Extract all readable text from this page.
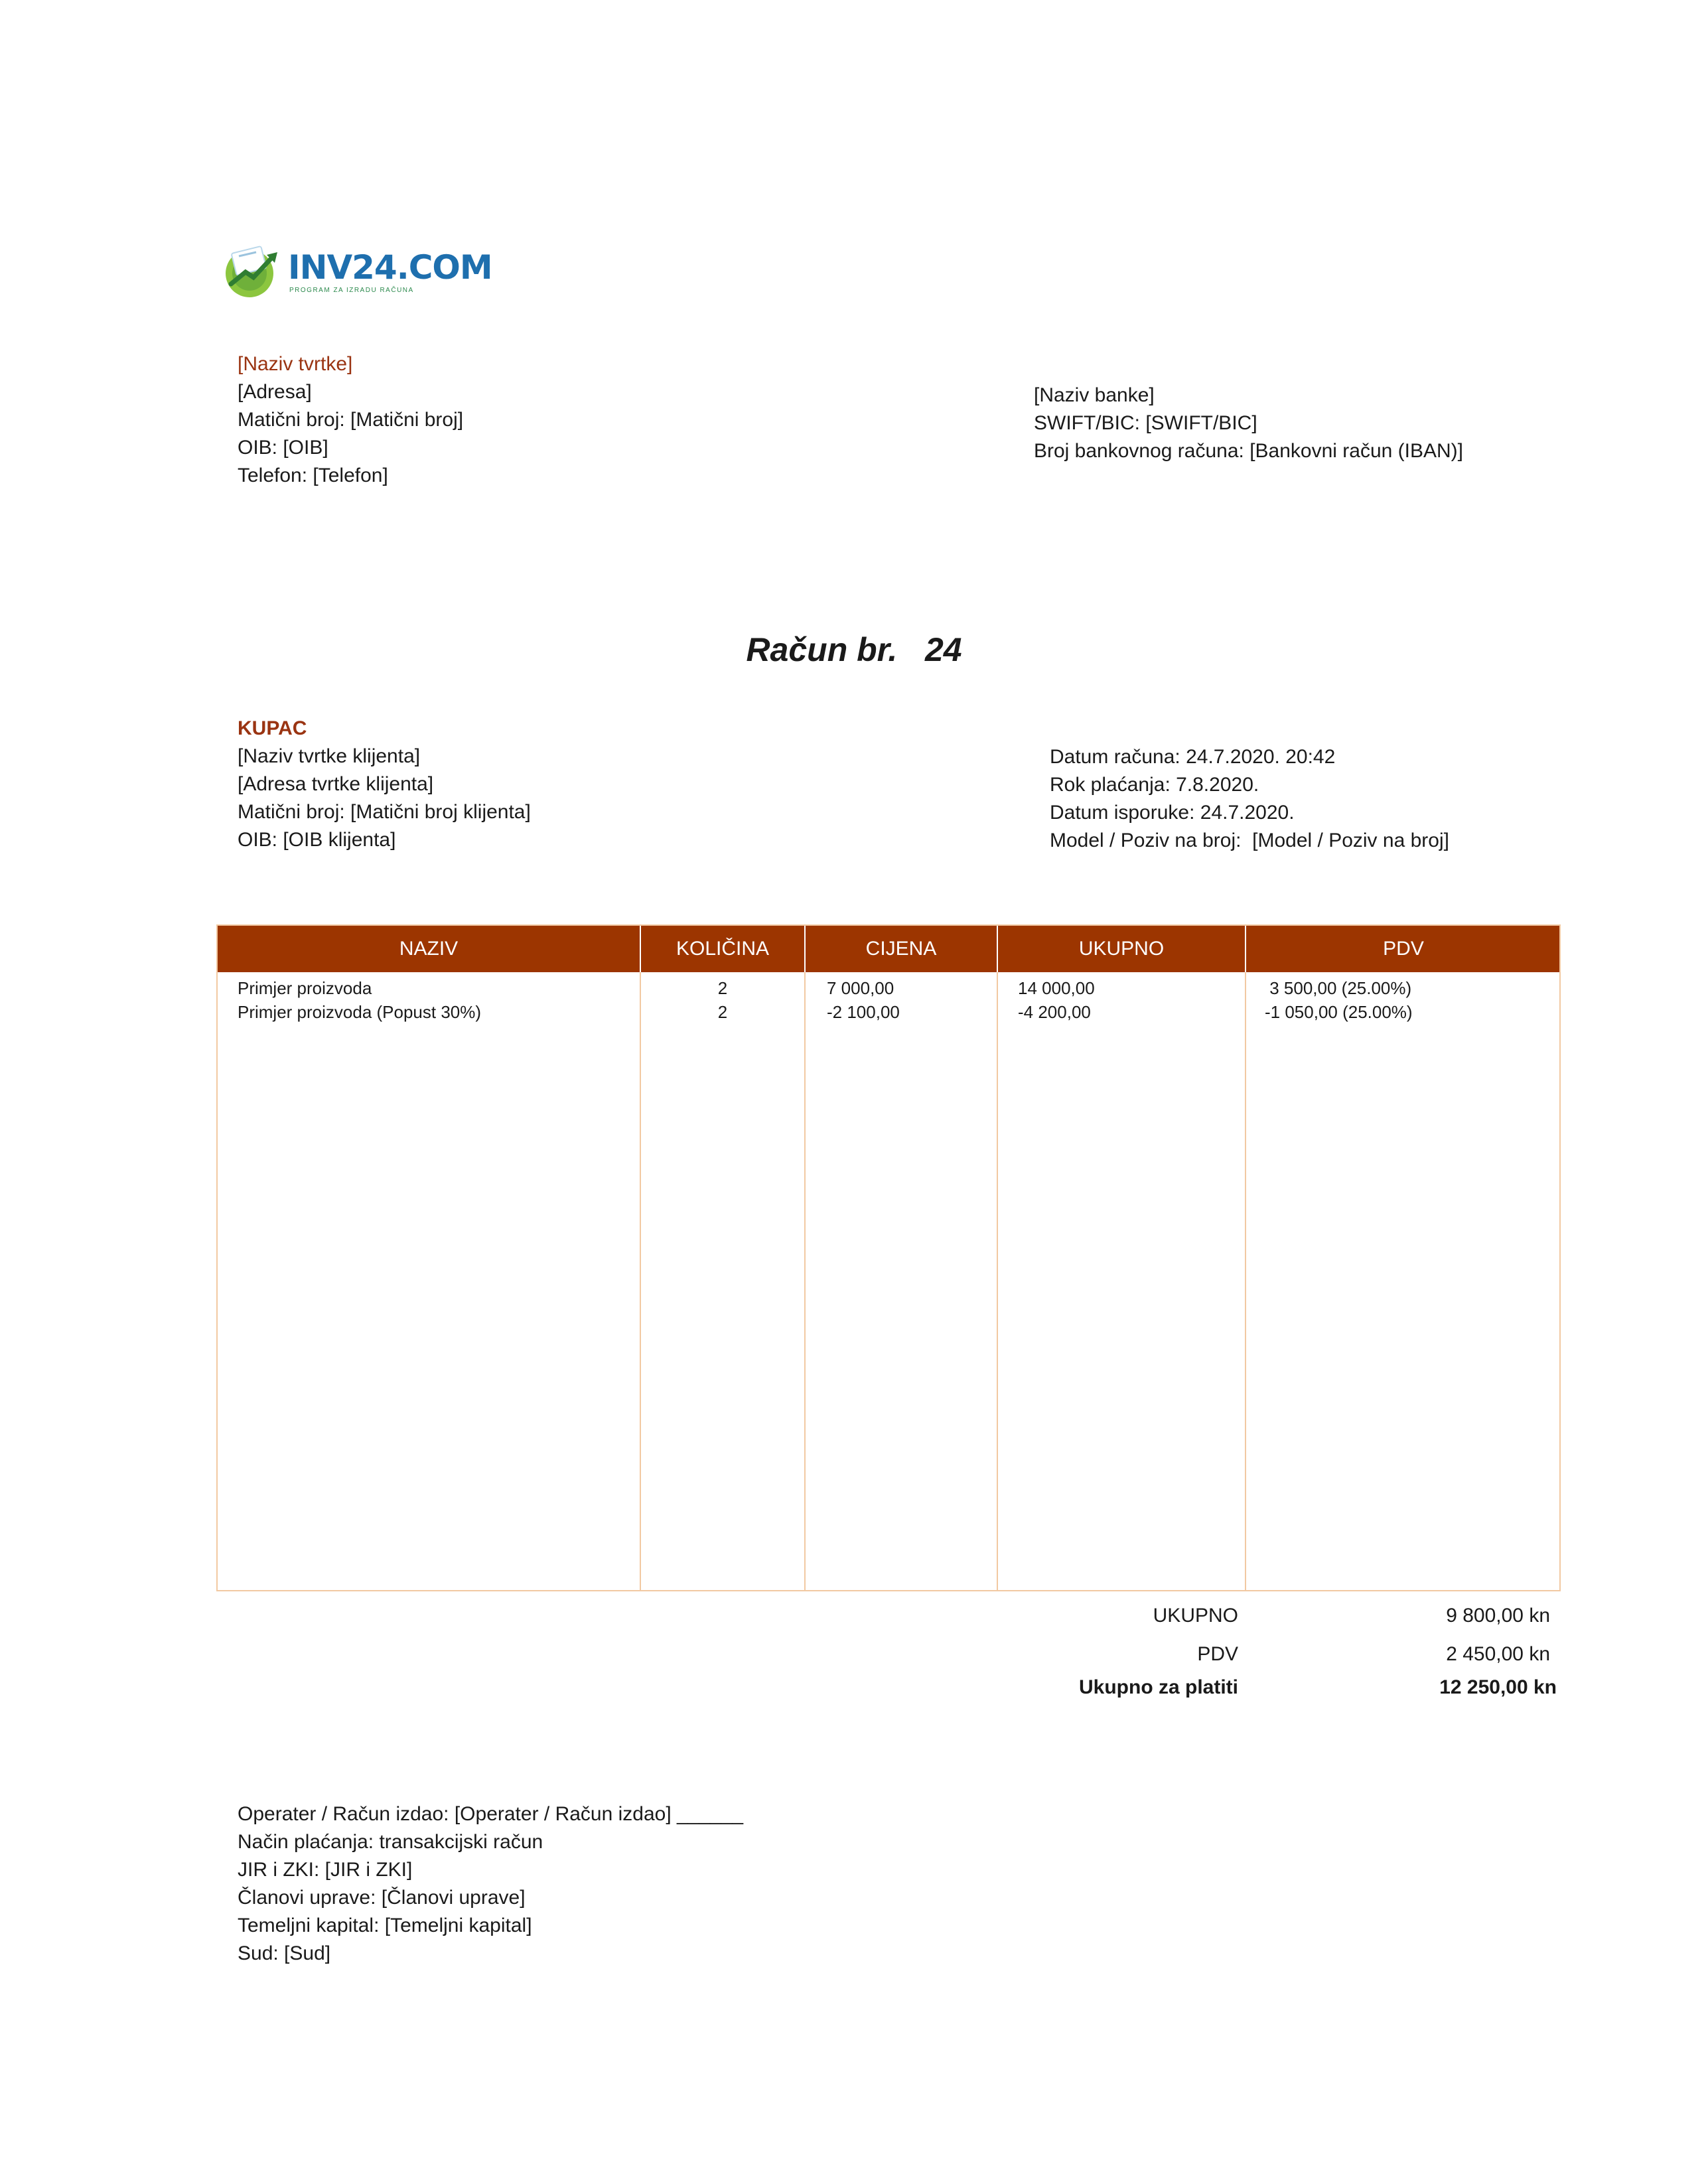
INV24.COM
PROGRAM ZA IZRADU RAČUNA
[Naziv tvrtke]
[Adresa]
Matični broj: [Matični broj]
OIB: [OIB]
Telefon: [Telefon]
[Naziv banke]
SWIFT/BIC: [SWIFT/BIC]
Broj bankovnog računa: [Bankovni račun (IBAN)]
Račun br.   24
KUPAC
[Naziv tvrtke klijenta]
[Adresa tvrtke klijenta]
Matični broj: [Matični broj klijenta]
OIB: [OIB klijenta]
Datum računa: 24.7.2020. 20:42
Rok plaćanja: 7.8.2020.
Datum isporuke: 24.7.2020.
Model / Poziv na broj:  [Model / Poziv na broj]
NAZIV	KOLIČINA	CIJENA	UKUPNO	PDV
Primjer proizvoda	2	7 000,00	14 000,00	3 500,00 (25.00%)
Primjer proizvoda (Popust 30%)	2	-2 100,00	-4 200,00	-1 050,00 (25.00%)
UKUPNO	9 800,00 kn
PDV	2 450,00 kn
Ukupno za platiti	12 250,00 kn
Operater / Račun izdao: [Operater / Račun izdao] ______
Način plaćanja: transakcijski račun
JIR i ZKI: [JIR i ZKI]
Članovi uprave: [Članovi uprave]
Temeljni kapital: [Temeljni kapital]
Sud: [Sud]
